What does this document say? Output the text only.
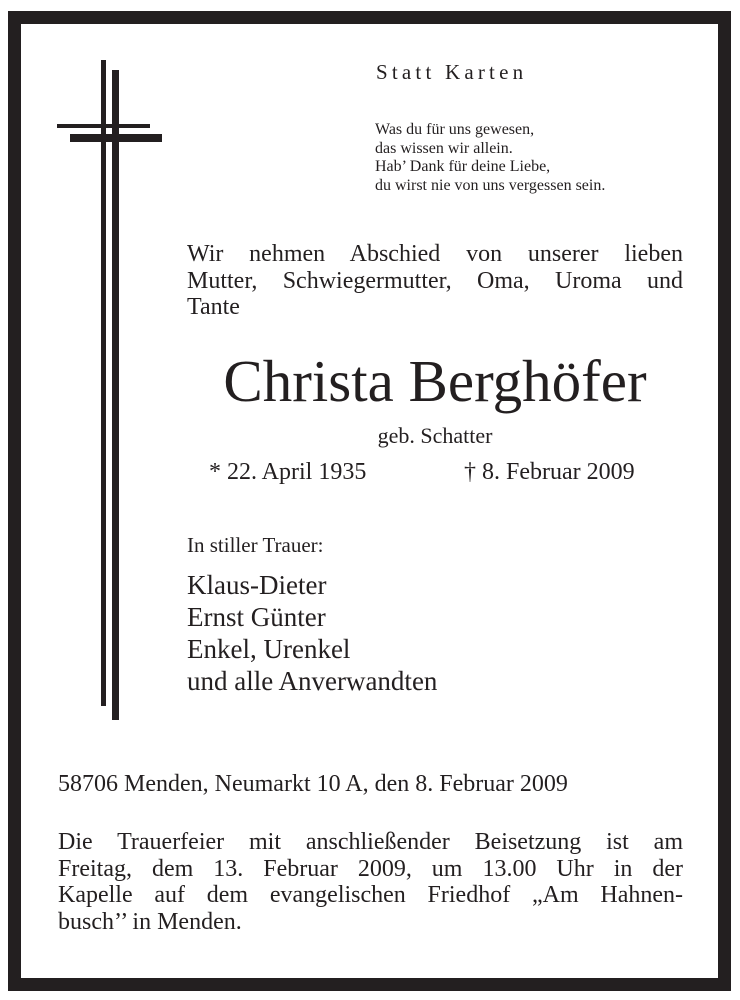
Statt Karten
Was du für uns gewesen,
das wissen wir allein.
Hab’ Dank für deine Liebe,
du wirst nie von uns vergessen sein.
Wir nehmen Abschied von unserer lieben
Mutter, Schwiegermutter, Oma, Uroma und
Tante
Christa Berghöfer
geb. Schatter
* 22. April 1935	† 8. Februar 2009
In stiller Trauer:
Klaus-Dieter
Ernst Günter
Enkel, Urenkel
und alle Anverwandten
58706 Menden, Neumarkt 10 A, den 8. Februar 2009
Die Trauerfeier mit anschließender Beisetzung ist am
Freitag, dem 13. Februar 2009, um 13.00 Uhr in der
Kapelle auf dem evangelischen Friedhof „Am Hahnen-
busch’’ in Menden.
